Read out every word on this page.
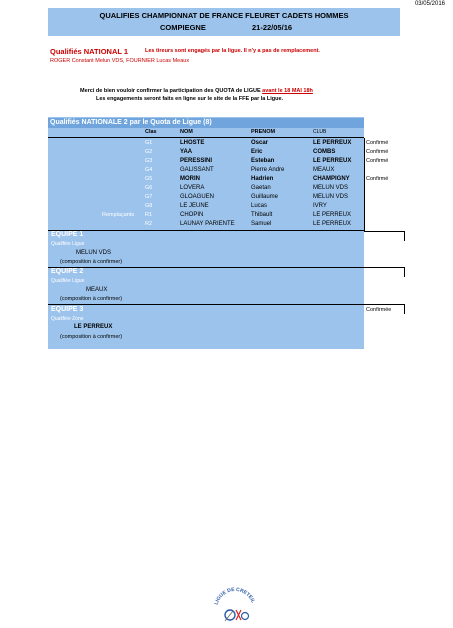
03/05/2016
QUALIFIES CHAMPIONNAT DE FRANCE FLEURET CADETS HOMMES
COMPIEGNE	21-22/05/16
Qualifiés NATIONAL 1	Les tireurs sont engagés par la ligue. Il n'y a pas de remplacement.
ROGER Constant Melun VDS, FOURNIER Lucas Meaux
Merci de bien vouloir confirmer la participation des QUOTA de LIGUE avant le 18 MAI 18h
Les engagements seront faits en ligne sur le site de la FFE par la Ligue.
Qualifiés NATIONALE 2 par le Quota de Ligue (8)
Clas	NOM	PRENOM	CLUB
G1	LHOSTE	Oscar	LE PERREUX	Confirmé
G2	YAA	Eric	COMBS	Confirmé
G3	PERESSINI	Esteban	LE PERREUX	Confirmé
G4	GALISSANT	Pierre Andre	MEAUX
G5	MORIN	Hadrien	CHAMPIGNY	Confirmé
G6	LOVERA	Gaetan	MELUN VDS
G7	GLOAGUEN	Guillaume	MELUN VDS
G8	LE JEUNE	Lucas	IVRY
Remplaçants R1	CHOPIN	Thibault	LE PERREUX
R2	LAUNAY PARIENTE	Samuel	LE PERREUX
EQUIPE 1
Qualifiée Ligue
MELUN VDS
(composition à confirmer)
EQUIPE 2
Qualifiée Ligue
MEAUX
(composition à confirmer)
EQUIPE 3
Qualifiée Zone
LE PERREUX
(composition à confirmer)
Confirmée
LIGUE DE CRETEIL
